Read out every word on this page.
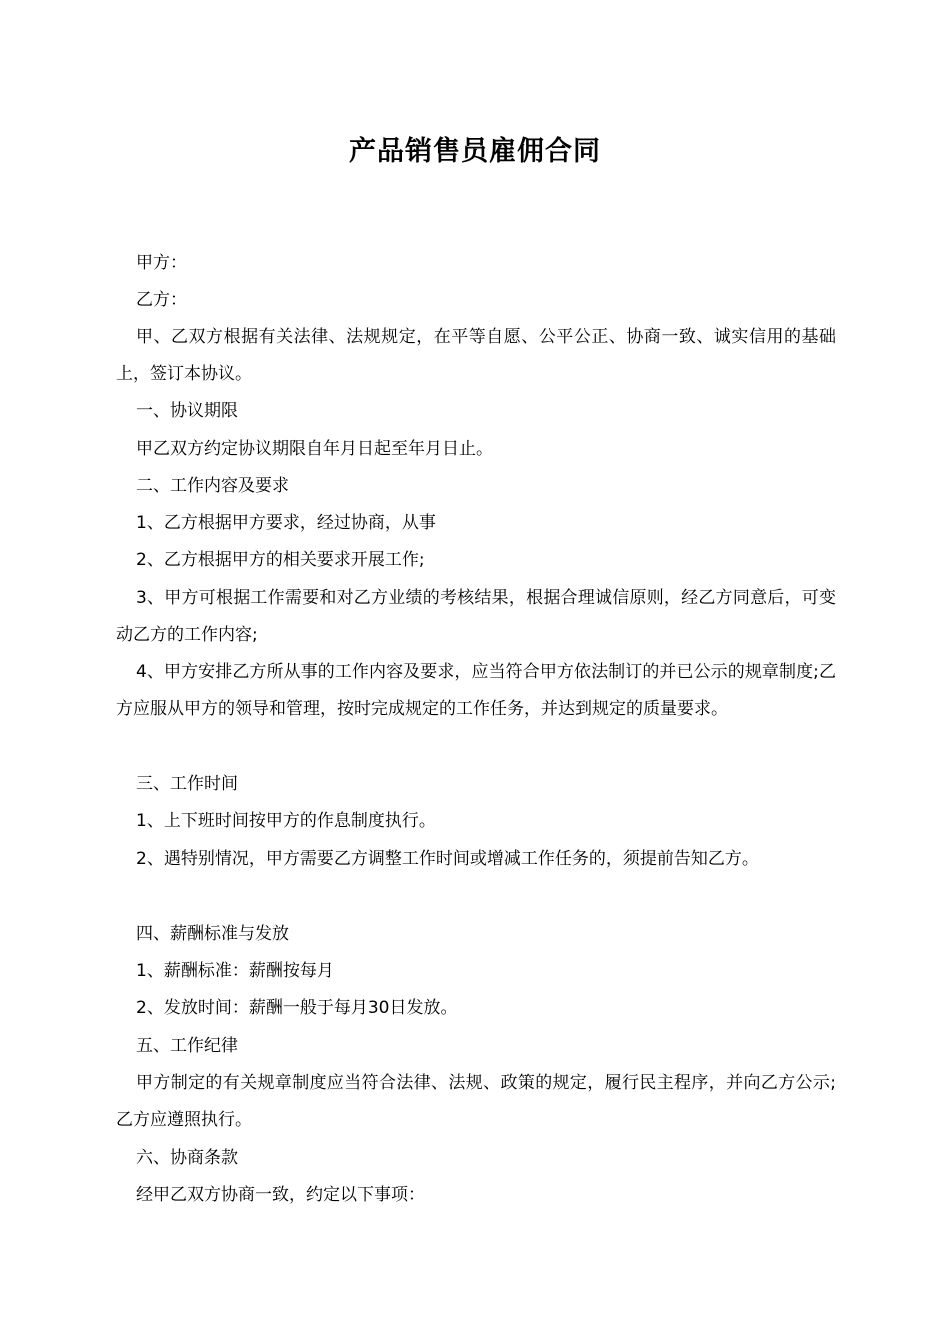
产品销售员雇佣合同
甲方：
乙方：
甲、乙双方根据有关法律、法规规定，在平等自愿、公平公正、协商一致、诚实信用的基础上，签订本协议。
一、协议期限
甲乙双方约定协议期限自年月日起至年月日止。
二、工作内容及要求
1、乙方根据甲方要求，经过协商，从事
2、乙方根据甲方的相关要求开展工作;
3、甲方可根据工作需要和对乙方业绩的考核结果，根据合理诚信原则，经乙方同意后，可变动乙方的工作内容;
4、甲方安排乙方所从事的工作内容及要求，应当符合甲方依法制订的并已公示的规章制度;乙方应服从甲方的领导和管理，按时完成规定的工作任务，并达到规定的质量要求。
三、工作时间
1、上下班时间按甲方的作息制度执行。
2、遇特别情况，甲方需要乙方调整工作时间或增减工作任务的，须提前告知乙方。
四、薪酬标准与发放
1、薪酬标准：薪酬按每月
2、发放时间：薪酬一般于每月30日发放。
五、工作纪律
甲方制定的有关规章制度应当符合法律、法规、政策的规定，履行民主程序，并向乙方公示;乙方应遵照执行。
六、协商条款
经甲乙双方协商一致，约定以下事项：
